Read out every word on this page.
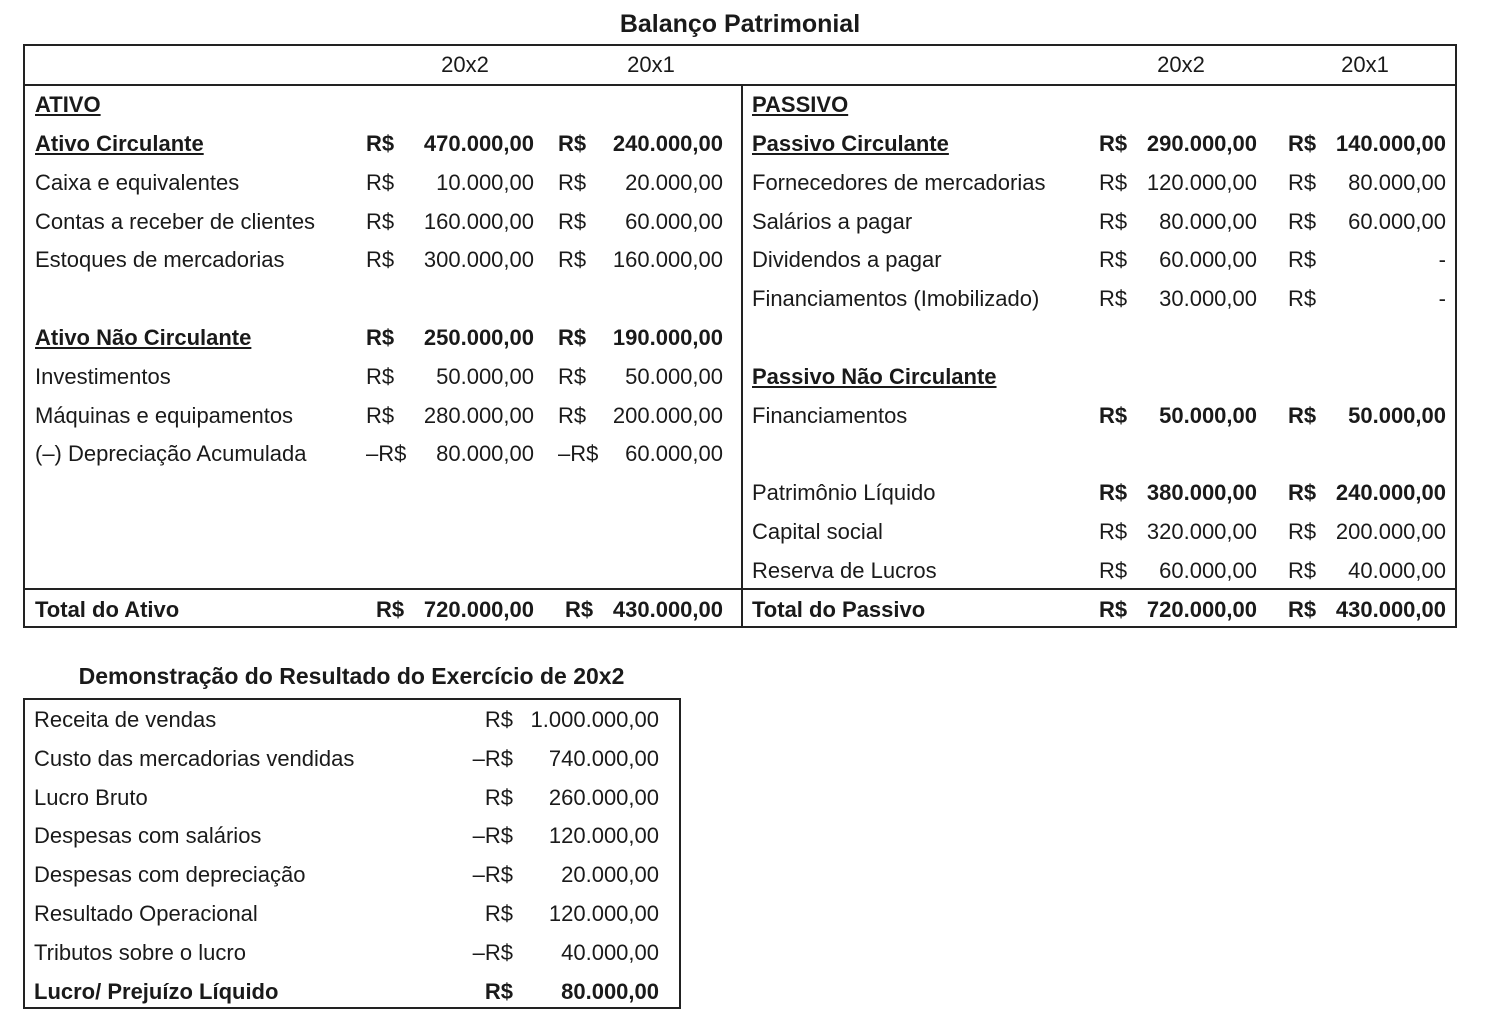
Balanço Patrimonial
20x2	20x1	20x2	20x1
ATIVO	PASSIVO
Ativo Circulante	R$ 470.000,00 R$ 240.000,00
Caixa e equivalentes	R$ 10.000,00 R$ 20.000,00
Contas a receber de clientes R$ 160.000,00 R$ 60.000,00
Estoques de mercadorias	R$ 300.000,00 R$ 160.000,00
Ativo Não Circulante	R$ 250.000,00 R$ 190.000,00
Investimentos	R$ 50.000,00 R$ 50.000,00
Máquinas e equipamentos	R$ 280.000,00 R$ 200.000,00
(–) Depreciação Acumulada	–R$ 80.000,00 –R$ 60.000,00
Total do Ativo	R$ 720.000,00 R$ 430.000,00
Passivo Circulante	R$ 290.000,00 R$ 140.000,00
Fornecedores de mercadorias R$ 120.000,00 R$ 80.000,00
Salários a pagar	R$ 80.000,00 R$ 60.000,00
Dividendos a pagar	R$ 60.000,00 R$	-
Financiamentos (Imobilizado)	R$ 30.000,00 R$	-
Passivo Não Circulante
Financiamentos	R$ 50.000,00 R$ 50.000,00
Patrimônio Líquido	R$ 380.000,00 R$ 240.000,00
Capital social	R$ 320.000,00 R$ 200.000,00
Reserva de Lucros	R$ 60.000,00 R$ 40.000,00
Total do Passivo	R$ 720.000,00 R$ 430.000,00
Demonstração do Resultado do Exercício de 20x2
Receita de vendas	R$ 1.000.000,00
Custo das mercadorias vendidas	–R$	740.000,00
Lucro Bruto	R$	260.000,00
Despesas com salários	–R$	120.000,00
Despesas com depreciação	–R$	20.000,00
Resultado Operacional	R$	120.000,00
Tributos sobre o lucro	–R$	40.000,00
Lucro/ Prejuízo Líquido	R$	80.000,00
